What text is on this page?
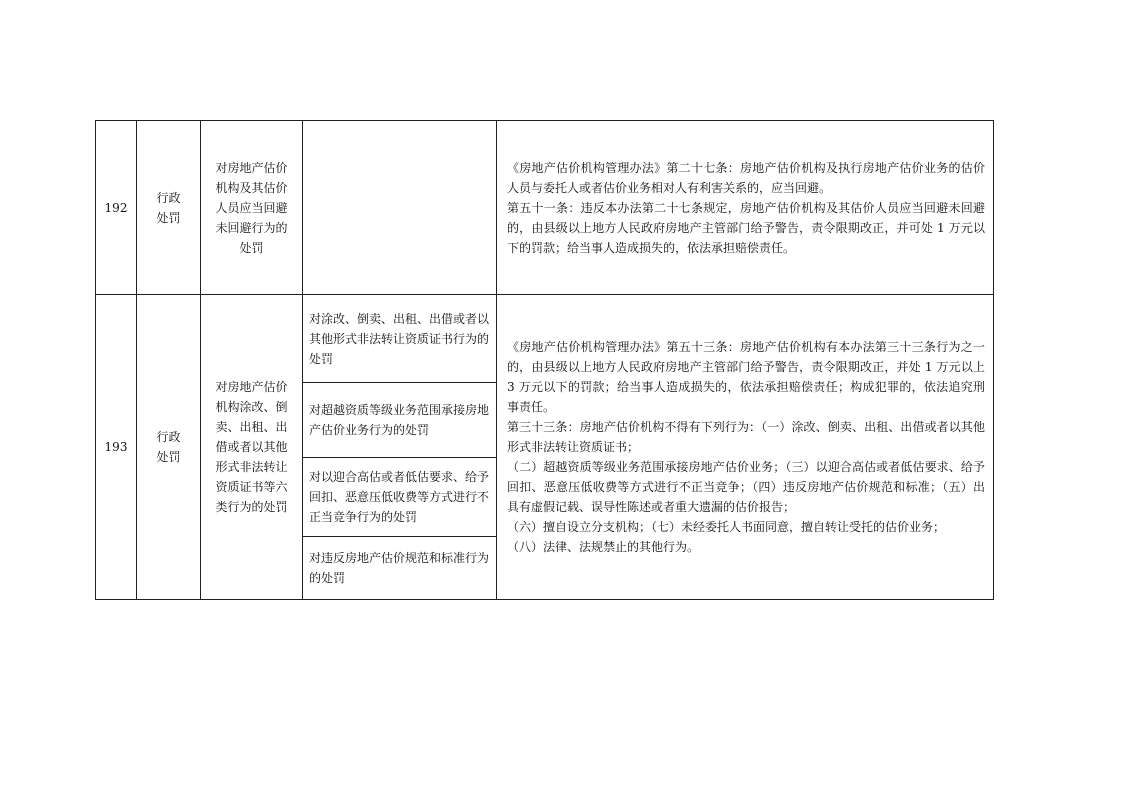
192	行政处罚	对房地产估价机构及其估价人员应当回避未回避行为的处罚		《房地产估价机构管理办法》第二十七条：房地产估价机构及执行房地产估价业务的估价人员与委托人或者估价业务相对人有利害关系的，应当回避。
第五十一条：违反本办法第二十七条规定，房地产估价机构及其估价人员应当回避未回避的，由县级以上地方人民政府房地产主管部门给予警告，责令限期改正，并可处 1 万元以下的罚款；给当事人造成损失的，依法承担赔偿责任。

193	行政处罚	对房地产估价机构涂改、倒卖、出租、出借或者以其他形式非法转让资质证书等六类行为的处罚	对涂改、倒卖、出租、出借或者以其他形式非法转让资质证书行为的处罚	《房地产估价机构管理办法》第五十三条：房地产估价机构有本办法第三十三条行为之一的，由县级以上地方人民政府房地产主管部门给予警告，责令限期改正，并处 1 万元以上 3 万元以下的罚款；给当事人造成损失的，依法承担赔偿责任；构成犯罪的，依法追究刑事责任。
第三十三条：房地产估价机构不得有下列行为：（一）涂改、倒卖、出租、出借或者以其他形式非法转让资质证书；
（二）超越资质等级业务范围承接房地产估价业务；（三）以迎合高估或者低估要求、给予回扣、恶意压低收费等方式进行不正当竞争；（四）违反房地产估价规范和标准；（五）出具有虚假记载、误导性陈述或者重大遗漏的估价报告；
（六）擅自设立分支机构；（七）未经委托人书面同意，擅自转让受托的估价业务；
（八）法律、法规禁止的其他行为。

			对超越资质等级业务范围承接房地产估价业务行为的处罚	
			对以迎合高估或者低估要求、给予回扣、恶意压低收费等方式进行不正当竞争行为的处罚	
			对违反房地产估价规范和标准行为的处罚	
